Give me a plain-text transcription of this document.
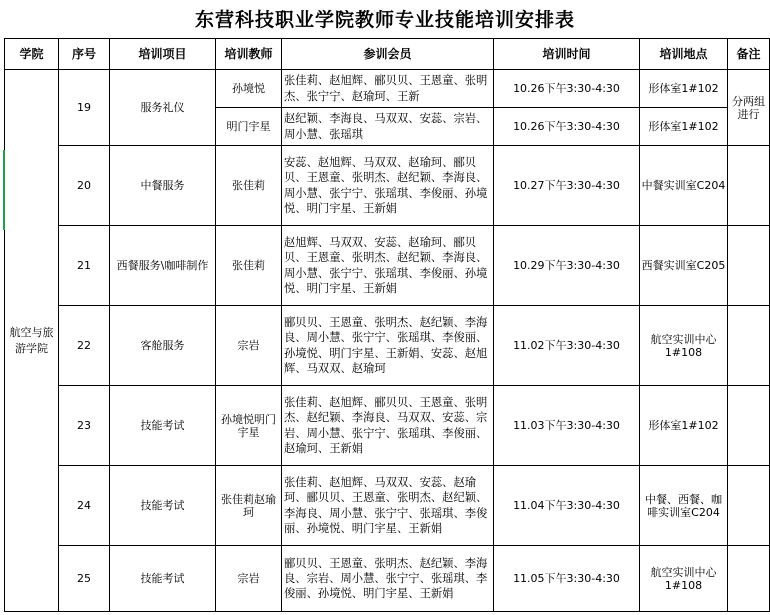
东营科技职业学院教师专业技能培训安排表
学院	序号	培训项目	培训教师	参训会员	培训时间	培训地点	备注
航空与旅游学院	19	服务礼仪	孙境悦	张佳莉、赵旭辉、郦贝贝、王恩童、张明杰、张宁宁、赵瑜珂、王新	10.26下午3:30-4:30	形体室1#102	分两组进行
			明门宇星	赵纪颖、李海良、马双双、安蕊、宗岩、周小慧、张瑶琪	10.26下午3:30-4:30	形体室1#102	
	20	中餐服务	张佳莉	安蕊、赵旭辉、马双双、赵瑜珂、郦贝贝、王恩童、张明杰、赵纪颖、李海良、周小慧、张宁宁、张瑶琪、李俊丽、孙境悦、明门宇星、王新娟	10.27下午3:30-4:30	中餐实训室C204	
	21	西餐服务\咖啡制作	张佳莉	赵旭辉、马双双、安蕊、赵瑜珂、郦贝贝、王恩童、张明杰、赵纪颖、李海良、周小慧、张宁宁、张瑶琪、李俊丽、孙境悦、明门宇星、王新娟	10.29下午3:30-4:30	西餐实训室C205	
	22	客舱服务	宗岩	郦贝贝、王恩童、张明杰、赵纪颖、李海良、周小慧、张宁宁、张瑶琪、李俊丽、孙境悦、明门宇星、王新娟、安蕊、赵旭辉、马双双、赵瑜珂	11.02下午3:30-4:30	航空实训中心1#108	
	23	技能考试	孙境悦明门宇星	张佳莉、赵旭辉、郦贝贝、王恩童、张明杰、赵纪颖、李海良、马双双、安蕊、宗岩、周小慧、张宁宁、张瑶琪、李俊丽、赵瑜珂、王新娟	11.03下午3:30-4:30	形体室1#102	
	24	技能考试	张佳莉赵瑜珂	张佳莉、赵旭辉、马双双、安蕊、赵瑜珂、郦贝贝、王恩童、张明杰、赵纪颖、李海良、周小慧、张宁宁、张瑶琪、李俊丽、孙境悦、明门宇星、王新娟	11.04下午3:30-4:30	中餐、西餐、咖啡实训室C204	
	25	技能考试	宗岩	郦贝贝、王恩童、张明杰、赵纪颖、李海良、宗岩、周小慧、张宁宁、张瑶琪、李俊丽、孙境悦、明门宇星、王新娟	11.05下午3:30-4:30	航空实训中心1#108	
